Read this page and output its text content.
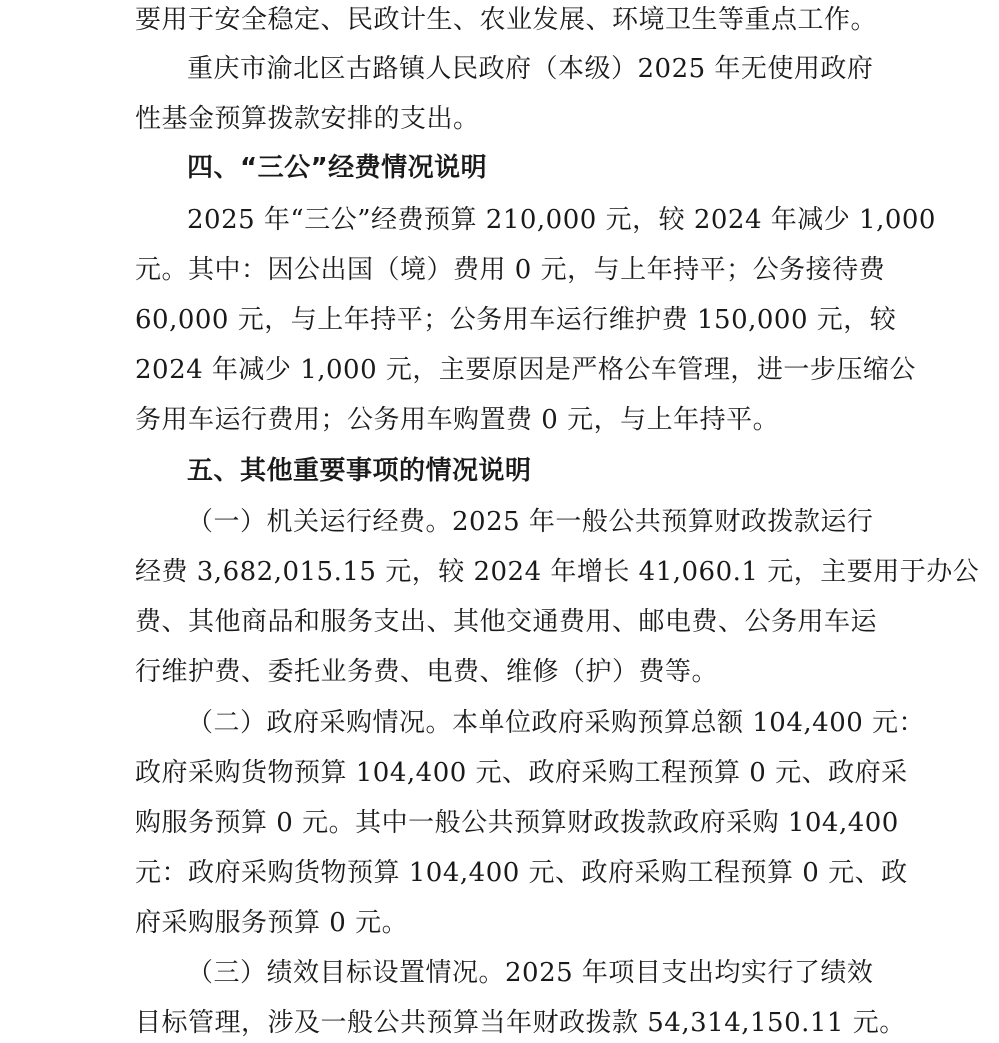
要用于安全稳定、民政计生、农业发展、环境卫生等重点工作。
重庆市渝北区古路镇人民政府（本级）2025 年无使用政府
性基金预算拨款安排的支出。
四、“三公”经费情况说明
2025 年“三公”经费预算 210,000 元，较 2024 年减少 1,000
元。其中：因公出国（境）费用 0 元，与上年持平；公务接待费
60,000 元，与上年持平；公务用车运行维护费 150,000 元，较
2024 年减少 1,000 元，主要原因是严格公车管理，进一步压缩公
务用车运行费用；公务用车购置费 0 元，与上年持平。
五、其他重要事项的情况说明
（一）机关运行经费。2025 年一般公共预算财政拨款运行
经费 3,682,015.15 元，较 2024 年增长 41,060.1 元，主要用于办公
费、其他商品和服务支出、其他交通费用、邮电费、公务用车运
行维护费、委托业务费、电费、维修（护）费等。
（二）政府采购情况。本单位政府采购预算总额 104,400 元：
政府采购货物预算 104,400 元、政府采购工程预算 0 元、政府采
购服务预算 0 元。其中一般公共预算财政拨款政府采购 104,400
元：政府采购货物预算 104,400 元、政府采购工程预算 0 元、政
府采购服务预算 0 元。
（三）绩效目标设置情况。2025 年项目支出均实行了绩效
目标管理，涉及一般公共预算当年财政拨款 54,314,150.11 元。
